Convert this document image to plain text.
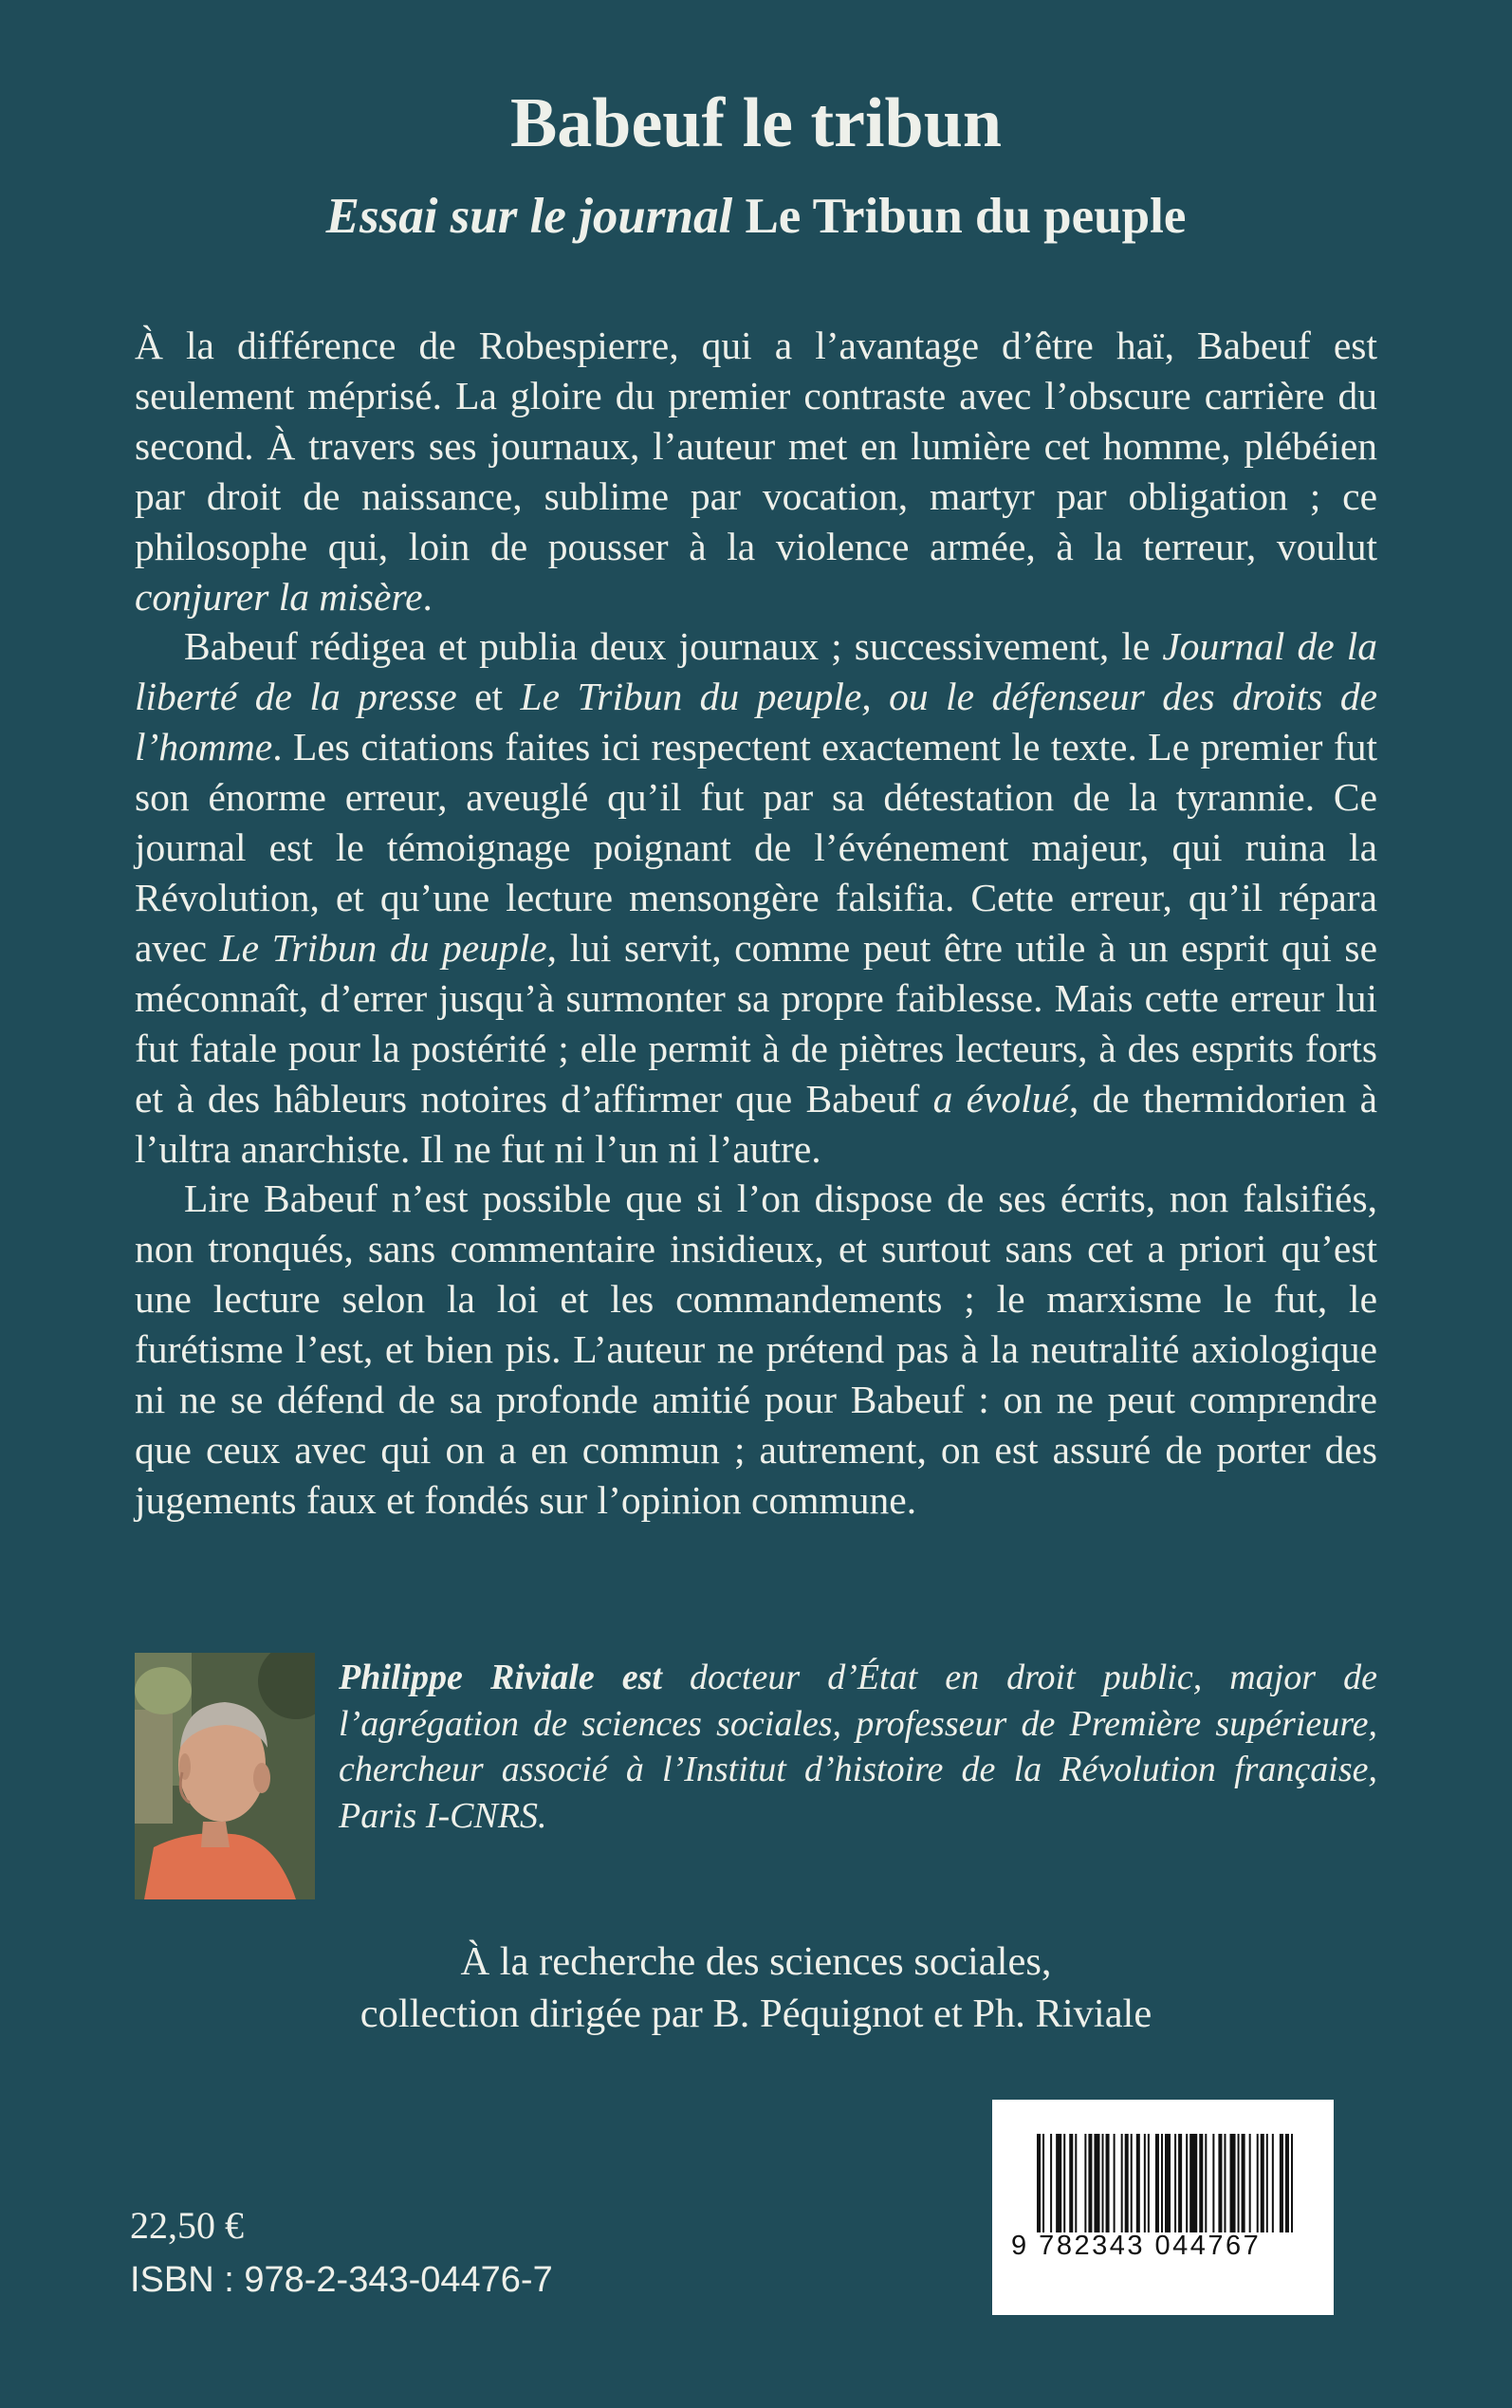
Babeuf le tribun
Essai sur le journal Le Tribun du peuple

À la différence de Robespierre, qui a l’avantage d’être haï, Babeuf est seulement méprisé. La gloire du premier contraste avec l’obscure carrière du second. À travers ses journaux, l’auteur met en lumière cet homme, plébéien par droit de naissance, sublime par vocation, martyr par obligation ; ce philosophe qui, loin de pousser à la violence armée, à la terreur, voulut conjurer la misère.

Babeuf rédigea et publia deux journaux ; successivement, le Journal de la liberté de la presse et Le Tribun du peuple, ou le défenseur des droits de l’homme. Les citations faites ici respectent exactement le texte. Le premier fut son énorme erreur, aveuglé qu’il fut par sa détestation de la tyrannie. Ce journal est le témoignage poignant de l’événement majeur, qui ruina la Révolution, et qu’une lecture mensongère falsifia. Cette erreur, qu’il répara avec Le Tribun du peuple, lui servit, comme peut être utile à un esprit qui se méconnaît, d’errer jusqu’à surmonter sa propre faiblesse. Mais cette erreur lui fut fatale pour la postérité ; elle permit à de piètres lecteurs, à des esprits forts et à des hâbleurs notoires d’affirmer que Babeuf a évolué, de thermidorien à l’ultra anarchiste. Il ne fut ni l’un ni l’autre.

Lire Babeuf n’est possible que si l’on dispose de ses écrits, non falsifiés, non tronqués, sans commentaire insidieux, et surtout sans cet a priori qu’est une lecture selon la loi et les commandements ; le marxisme le fut, le furétisme l’est, et bien pis. L’auteur ne prétend pas à la neutralité axiologique ni ne se défend de sa profonde amitié pour Babeuf : on ne peut comprendre que ceux avec qui on a en commun ; autrement, on est assuré de porter des jugements faux et fondés sur l’opinion commune.

Philippe Riviale est docteur d’État en droit public, major de l’agrégation de sciences sociales, professeur de Première supérieure, chercheur associé à l’Institut d’histoire de la Révolution française, Paris I-CNRS.

À la recherche des sciences sociales,
collection dirigée par B. Péquignot et Ph. Riviale
9 782343 044767
22,50 €
ISBN : 978-2-343-04476-7
